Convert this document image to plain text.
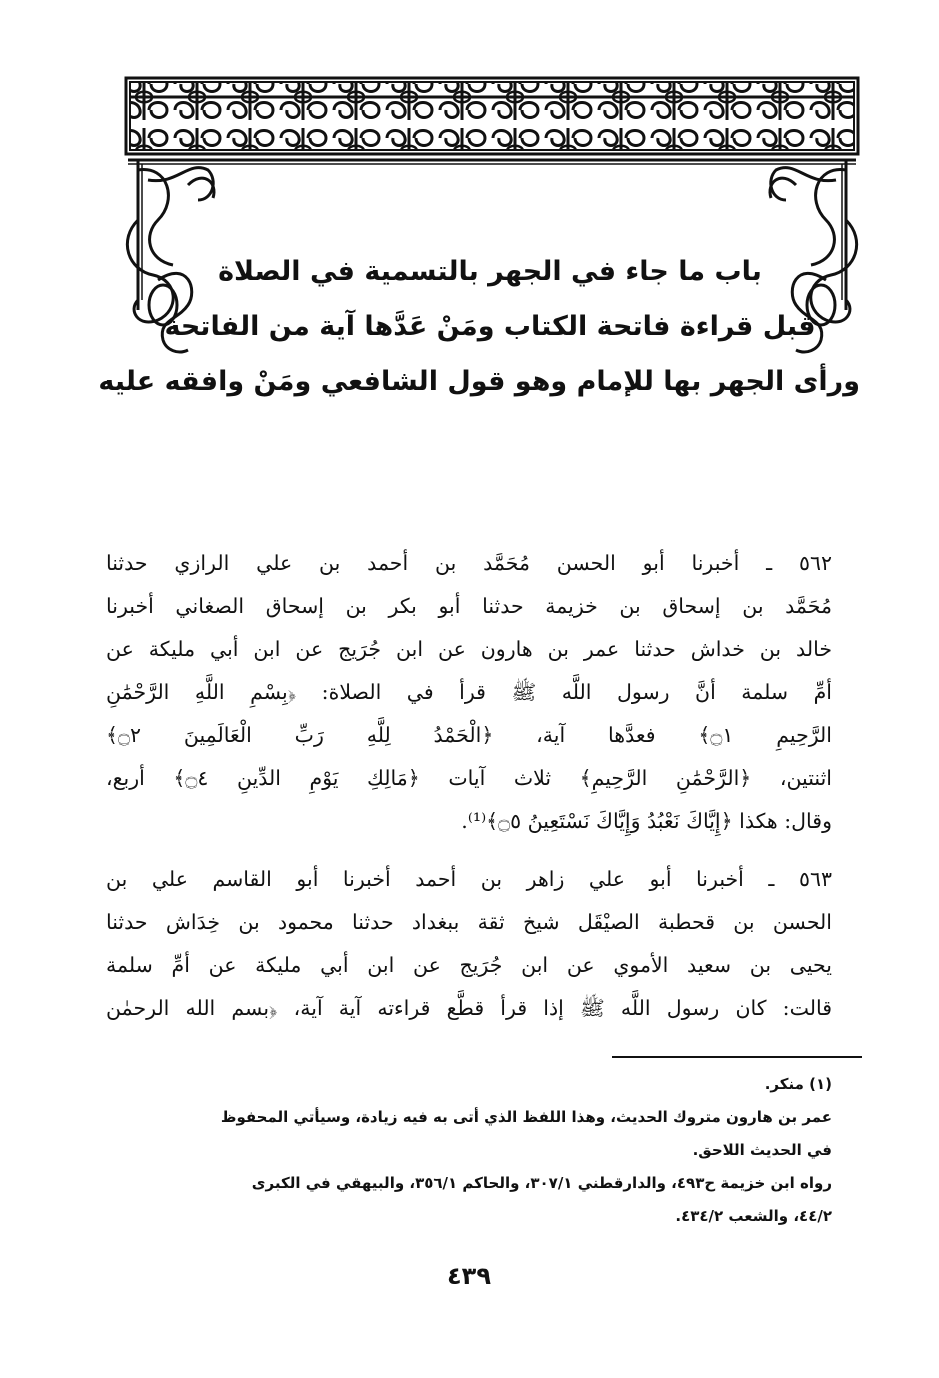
باب ما جاء في الجهر بالتسمية في الصلاة
قبل قراءة فاتحة الكتاب ومَنْ عَدَّها آية من الفاتحة
ورأى الجهر بها للإمام وهو قول الشافعي ومَنْ وافقه عليه
٥٦٢ ـ أخبرنا أبو الحسن مُحَمَّد بن أحمد بن علي الرازي حدثنا
مُحَمَّد بن إسحاق بن خزيمة حدثنا أبو بكر بن إسحاق الصغاني أخبرنا
خالد بن خداش حدثنا عمر بن هارون عن ابن جُرَيج عن ابن أبي مليكة عن
أمِّ سلمة أنَّ رسول اللَّه ﷺ قرأ في الصلاة: ﴿بِسْمِ اللَّهِ الرَّحْمَٰنِ
الرَّحِيمِ ۝١﴾ فعدَّها آية، ﴿الْحَمْدُ لِلَّهِ رَبِّ الْعَالَمِينَ ۝٢﴾
اثنتين، ﴿الرَّحْمَٰنِ الرَّحِيمِ﴾ ثلاث آيات ﴿مَالِكِ يَوْمِ الدِّينِ ۝٤﴾ أربع،
وقال: هكذا ﴿إِيَّاكَ نَعْبُدُ وَإِيَّاكَ نَسْتَعِينُ ۝٥﴾⁽¹⁾.
٥٦٣ ـ أخبرنا أبو علي زاهر بن أحمد أخبرنا أبو القاسم علي بن
الحسن بن قحطبة الصيْقَل شيخ ثقة ببغداد حدثنا محمود بن خِدَاش حدثنا
يحيى بن سعيد الأموي عن ابن جُرَيج عن ابن أبي مليكة عن أمِّ سلمة
قالت: كان رسول اللَّه ﷺ إذا قرأ قطَّع قراءته آية آية، ﴿بسم الله الرحمٰن
(١) منكر.
عمر بن هارون متروك الحديث، وهذا اللفظ الذي أتى به فيه زيادة، وسيأتي المحفوظ
في الحديث اللاحق.
رواه ابن خزيمة ح٤٩٣، والدارقطني ٣٠٧/١، والحاكم ٣٥٦/١، والبيهقي في الكبرى
٤٤/٢، والشعب ٤٣٤/٢.
٤٣٩
